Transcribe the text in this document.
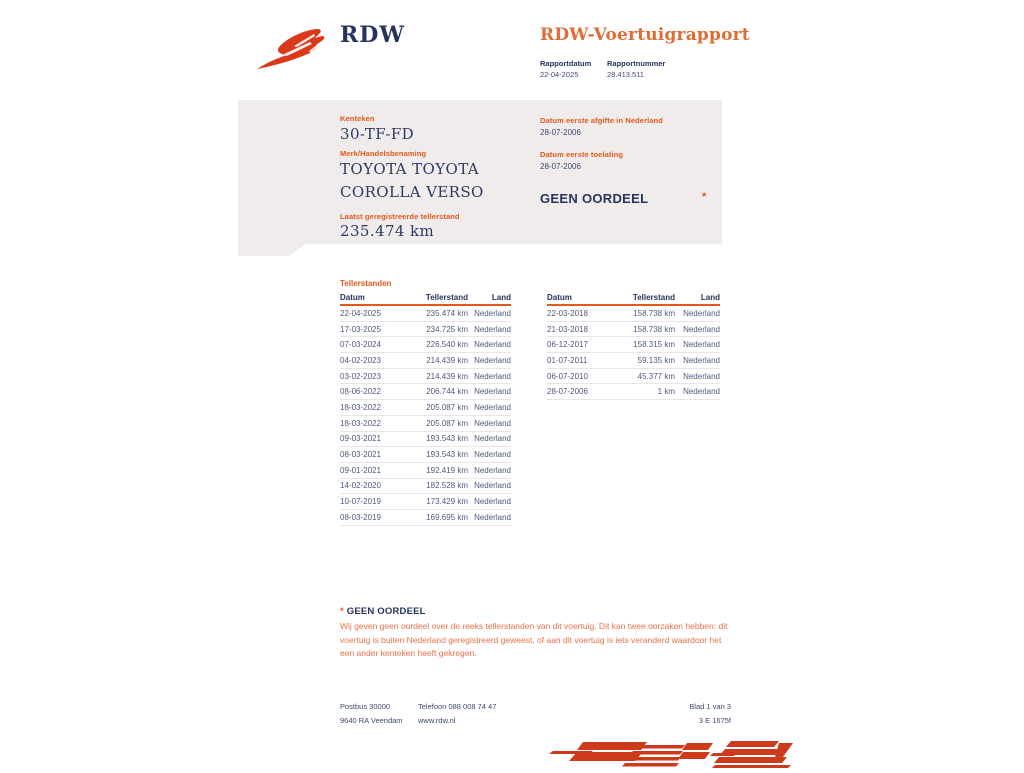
RDW	RDW-Voertuigrapport
Rapportdatum Rapportnummer
22-04-2025	28.413.511
Kenteken
30-TF-FD
Merk/Handelsbenaming
TOYOTA TOYOTA
COROLLA VERSO
Laatst geregistreerde tellerstand
235.474 km
Datum eerste afgifte in Nederland
28-07-2006
Datum eerste toelating
28-07-2006
GEEN OORDEEL	*
Tellerstanden
Datum	Tellerstand	Land
22-04-2025	235.474 km Nederland
17-03-2025	234.725 km Nederland
07-03-2024	226.540 km Nederland
04-02-2023	214.439 km Nederland
03-02-2023	214.439 km Nederland
08-06-2022	206.744 km Nederland
18-03-2022	205.087 km Nederland
18-03-2022	205.087 km Nederland
09-03-2021	193.543 km Nederland
08-03-2021	193.543 km Nederland
09-01-2021	192.419 km Nederland
14-02-2020	182.528 km Nederland
10-07-2019	173.429 km Nederland
08-03-2019	169.695 km Nederland
Datum	Tellerstand	Land
22-03-2018	158.738 km	Nederland
21-03-2018	158.738 km	Nederland
06-12-2017	158.315 km	Nederland
01-07-2011	59.135 km	Nederland
06-07-2010	45.377 km	Nederland
28-07-2006	1 km	Nederland
* GEEN OORDEEL
Wij geven geen oordeel over de reeks tellerstanden van dit voertuig. Dit kan twee oorzaken hebben: dit voertuig is buiten Nederland geregistreerd geweest, of aan dit voertuig is iets veranderd waardoor het een ander kenteken heeft gekregen.
Postbus 30000
9640 RA Veendam
Telefoon 088 008 74 47
www.rdw.nl
Blad 1 van 3
3 E 1675f
